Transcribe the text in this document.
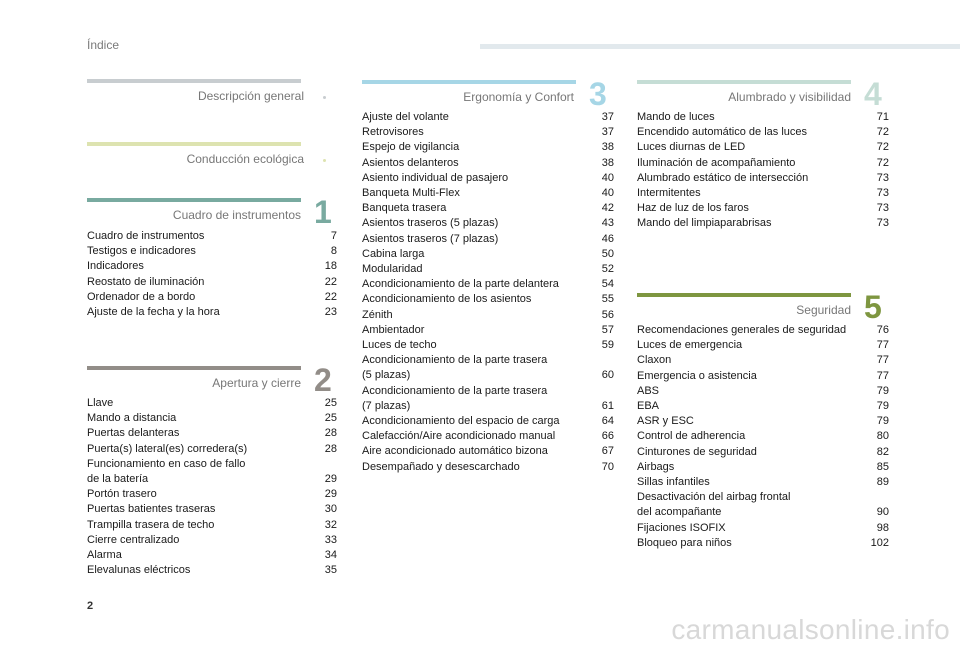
Índice
Descripción general
Conducción ecológica
Cuadro de instrumentos 1
Cuadro de instrumentos	7
Testigos e indicadores	8
Indicadores	18
Reostato de iluminación	22
Ordenador de a bordo	22
Ajuste de la fecha y la hora	23
Apertura y cierre 2
Llave	25
Mando a distancia	25
Puertas delanteras	28
Puerta(s) lateral(es) corredera(s)	28
Funcionamiento en caso de fallo
de la batería	29
Portón trasero	29
Puertas batientes traseras	30
Trampilla trasera de techo	32
Cierre centralizado	33
Alarma	34
Elevalunas eléctricos	35
Ergonomía y Confort 3
Ajuste del volante	37
Retrovisores	37
Espejo de vigilancia	38
Asientos delanteros	38
Asiento individual de pasajero	40
Banqueta Multi-Flex	40
Banqueta trasera	42
Asientos traseros (5 plazas)	43
Asientos traseros (7 plazas)	46
Cabina larga	50
Modularidad	52
Acondicionamiento de la parte delantera	54
Acondicionamiento de los asientos	55
Zénith	56
Ambientador	57
Luces de techo	59
Acondicionamiento de la parte trasera
(5 plazas)	60
Acondicionamiento de la parte trasera
(7 plazas)	61
Acondicionamiento del espacio de carga	64
Calefacción/Aire acondicionado manual	66
Aire acondicionado automático bizona	67
Desempañado y desescarchado	70
Alumbrado y visibilidad 4
Mando de luces	71
Encendido automático de las luces	72
Luces diurnas de LED	72
Iluminación de acompañamiento	72
Alumbrado estático de intersección	73
Intermitentes	73
Haz de luz de los faros	73
Mando del limpiaparabrisas	73
Seguridad 5
Recomendaciones generales de seguridad	76
Luces de emergencia	77
Claxon	77
Emergencia o asistencia	77
ABS	79
EBA	79
ASR y ESC	79
Control de adherencia	80
Cinturones de seguridad	82
Airbags	85
Sillas infantiles	89
Desactivación del airbag frontal
del acompañante	90
Fijaciones ISOFIX	98
Bloqueo para niños	102
2
carmanualsonline.info
